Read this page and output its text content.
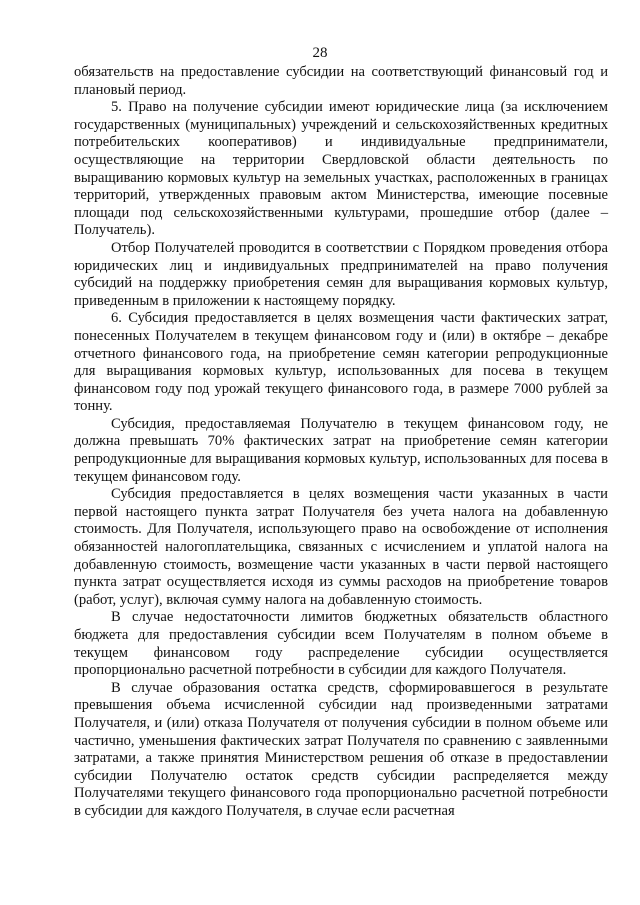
28

обязательств на предоставление субсидии на соответствующий финансовый год и плановый период.

5. Право на получение субсидии имеют юридические лица (за исключением государственных (муниципальных) учреждений и сельскохозяйственных кредитных потребительских кооперативов) и индивидуальные предприниматели, осуществляющие на территории Свердловской области деятельность по выращиванию кормовых культур на земельных участках, расположенных в границах территорий, утвержденных правовым актом Министерства, имеющие посевные площади под сельскохозяйственными культурами, прошедшие отбор (далее – Получатель).

Отбор Получателей проводится в соответствии с Порядком проведения отбора юридических лиц и индивидуальных предпринимателей на право получения субсидий на поддержку приобретения семян для выращивания кормовых культур, приведенным в приложении к настоящему порядку.

6. Субсидия предоставляется в целях возмещения части фактических затрат, понесенных Получателем в текущем финансовом году и (или) в октябре – декабре отчетного финансового года, на приобретение семян категории репродукционные для выращивания кормовых культур, использованных для посева в текущем финансовом году под урожай текущего финансового года, в размере 7000 рублей за тонну.

Субсидия, предоставляемая Получателю в текущем финансовом году, не должна превышать 70% фактических затрат на приобретение семян категории репродукционные для выращивания кормовых культур, использованных для посева в текущем финансовом году.

Субсидия предоставляется в целях возмещения части указанных в части первой настоящего пункта затрат Получателя без учета налога на добавленную стоимость. Для Получателя, использующего право на освобождение от исполнения обязанностей налогоплательщика, связанных с исчислением и уплатой налога на добавленную стоимость, возмещение части указанных в части первой настоящего пункта затрат осуществляется исходя из суммы расходов на приобретение товаров (работ, услуг), включая сумму налога на добавленную стоимость.

В случае недостаточности лимитов бюджетных обязательств областного бюджета для предоставления субсидии всем Получателям в полном объеме в текущем финансовом году распределение субсидии осуществляется пропорционально расчетной потребности в субсидии для каждого Получателя.

В случае образования остатка средств, сформировавшегося в результате превышения объема исчисленной субсидии над произведенными затратами Получателя, и (или) отказа Получателя от получения субсидии в полном объеме или частично, уменьшения фактических затрат Получателя по сравнению с заявленными затратами, а также принятия Министерством решения об отказе в предоставлении субсидии Получателю остаток средств субсидии распределяется между Получателями текущего финансового года пропорционально расчетной потребности в субсидии для каждого Получателя, в случае если расчетная
